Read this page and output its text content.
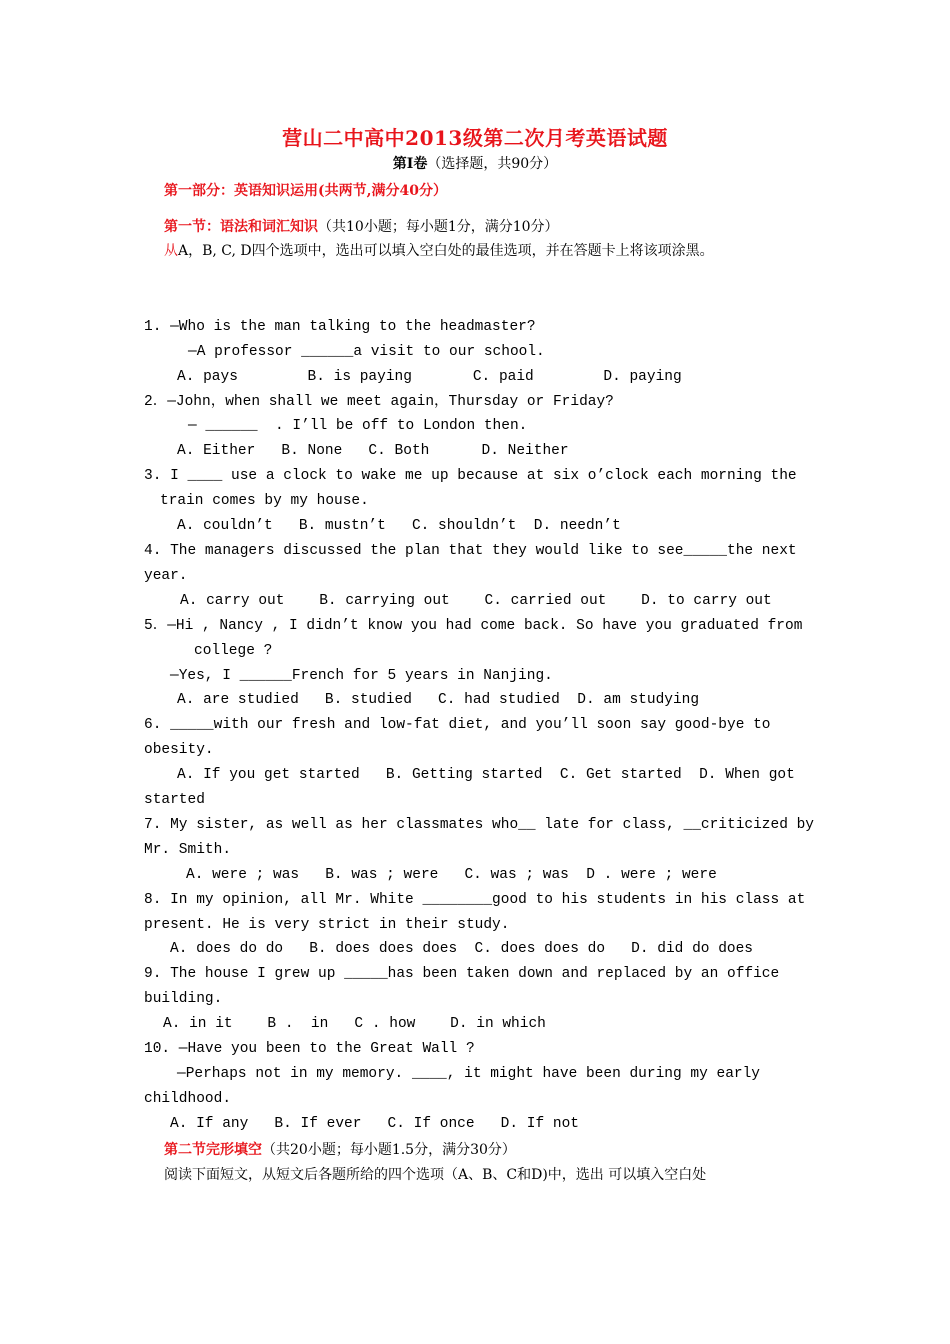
营山二中高中2013级第二次月考英语试题
第Ⅰ卷（选择题，共90分）
第一部分：英语知识运用(共两节,满分40分）
第一节：语法和词汇知识（共10小题；每小题1分，满分10分）
从A，B, C, D四个选项中，选出可以填入空白处的最佳选项，并在答题卡上将该项涂黑。
1. —Who is the man talking to the headmaster?
—A professor ______a visit to our school.
A. pays        B. is paying       C. paid        D. paying
2．—John，when shall we meet again，Thursday or Friday?
— ______  . I’ll be off to London then.
A. Either   B. None   C. Both      D. Neither
3. I ____ use a clock to wake me up because at six o’clock each morning the
train comes by my house.
A. couldn’t   B. mustn’t   C. shouldn’t  D. needn’t
4. The managers discussed the plan that they would like to see_____the next
year.
A. carry out    B. carrying out    C. carried out    D. to carry out
5．—Hi , Nancy , I didn’t know you had come back. So have you graduated from
college ?
—Yes, I ______French for 5 years in Nanjing.
A. are studied   B. studied   C. had studied  D. am studying
6. _____with our fresh and low-fat diet, and you’ll soon say good-bye to
obesity.
A. If you get started   B. Getting started  C. Get started  D. When got
started
7. My sister, as well as her classmates who__ late for class, __criticized by
Mr. Smith.
A. were ; was   B. was ; were   C. was ; was  D . were ; were
8. In my opinion, all Mr. White ________good to his students in his class at
present. He is very strict in their study.
A. does do do   B. does does does  C. does does do   D. did do does
9. The house I grew up _____has been taken down and replaced by an office
building.
A. in it    B .  in   C . how    D. in which
10. —Have you been to the Great Wall ?
—Perhaps not in my memory. ____, it might have been during my early
childhood.
A. If any   B. If ever   C. If once   D. If not
第二节完形填空（共20小题；每小题1.5分，满分30分）
阅读下面短文，从短文后各题所给的四个选项（A、B、C和D)中，选出 可以填入空白处
